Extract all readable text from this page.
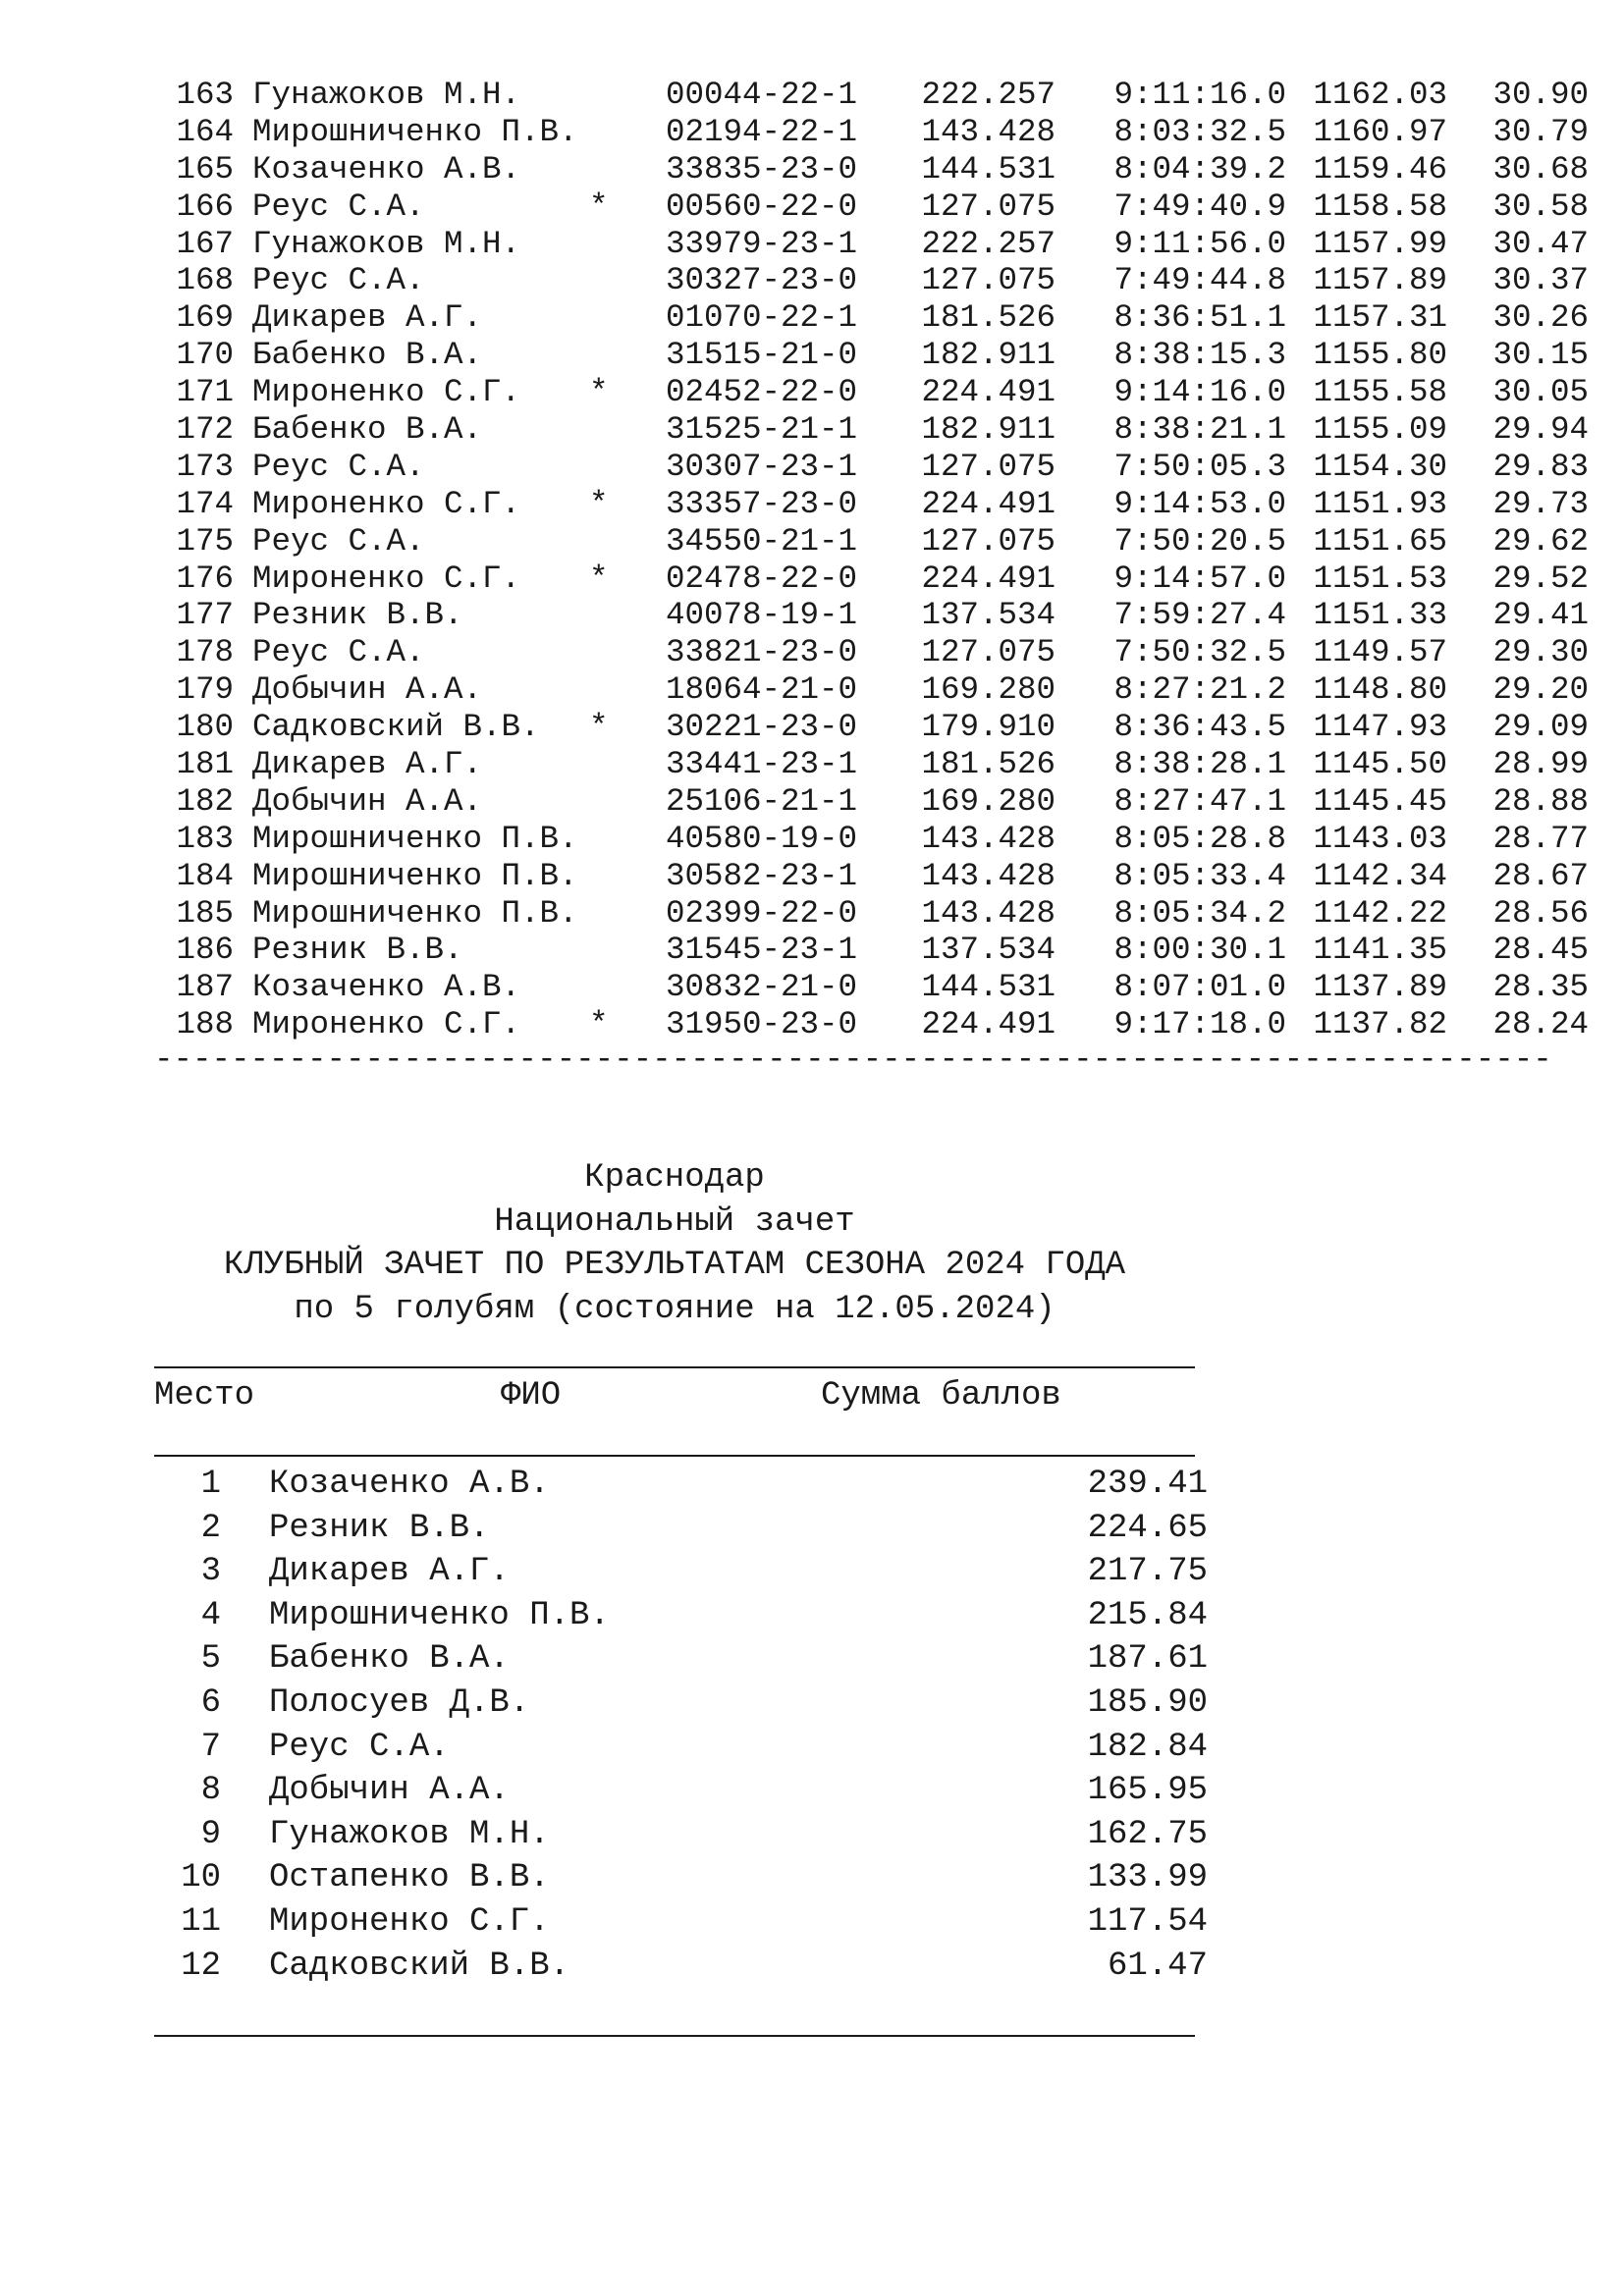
163 Гунажоков М.Н.	00044-22-1 222.257	9:11:16.0 1162.03	30.90
164 Мирошниченко П.В.	02194-22-1 143.428	8:03:32.5 1160.97	30.79
165 Козаченко А.В.	33835-23-0 144.531	8:04:39.2 1159.46	30.68
166 Реус С.А.	* 00560-22-0 127.075	7:49:40.9 1158.58	30.58
167 Гунажоков М.Н.	33979-23-1 222.257	9:11:56.0 1157.99	30.47
168 Реус С.А.	30327-23-0 127.075	7:49:44.8 1157.89	30.37
169 Дикарев А.Г.	01070-22-1 181.526	8:36:51.1 1157.31	30.26
170 Бабенко В.А.	31515-21-0 182.911	8:38:15.3 1155.80	30.15
171 Мироненко С.Г. * 02452-22-0 224.491	9:14:16.0 1155.58	30.05
172 Бабенко В.А.	31525-21-1 182.911	8:38:21.1 1155.09	29.94
173 Реус С.А.	30307-23-1 127.075	7:50:05.3 1154.30	29.83
174 Мироненко С.Г. * 33357-23-0 224.491	9:14:53.0 1151.93	29.73
175 Реус С.А.	34550-21-1 127.075	7:50:20.5 1151.65	29.62
176 Мироненко С.Г. * 02478-22-0 224.491	9:14:57.0 1151.53	29.52
177 Резник В.В.	40078-19-1 137.534	7:59:27.4 1151.33	29.41
178 Реус С.А.	33821-23-0 127.075	7:50:32.5 1149.57	29.30
179 Добычин А.А.	18064-21-0 169.280	8:27:21.2 1148.80	29.20
180 Садковский В.В. * 30221-23-0 179.910	8:36:43.5 1147.93	29.09
181 Дикарев А.Г.	33441-23-1 181.526	8:38:28.1 1145.50	28.99
182 Добычин А.А.	25106-21-1 169.280	8:27:47.1 1145.45	28.88
183 Мирошниченко П.В.	40580-19-0 143.428	8:05:28.8 1143.03	28.77
184 Мирошниченко П.В.	30582-23-1 143.428	8:05:33.4 1142.34	28.67
185 Мирошниченко П.В.	02399-22-0 143.428	8:05:34.2 1142.22	28.56
186 Резник В.В.	31545-23-1 137.534	8:00:30.1 1141.35	28.45
187 Козаченко А.В.	30832-21-0 144.531	8:07:01.0 1137.89	28.35
188 Мироненко С.Г. * 31950-23-0 224.491	9:17:18.0 1137.82	28.24
-------------------------------------------------------------------------
Краснодар
Национальный зачет
КЛУБНЫЙ ЗАЧЕТ ПО РЕЗУЛЬТАТАМ СЕЗОНА 2024 ГОДА
по 5 голубям (состояние на 12.05.2024)
Место	ФИО	Сумма баллов
1 Козаченко А.В.	239.41
2 Резник В.В.	224.65
3 Дикарев А.Г.	217.75
4 Мирошниченко П.В.	215.84
5 Бабенко В.А.	187.61
6 Полосуев Д.В.	185.90
7 Реус С.А.	182.84
8 Добычин А.А.	165.95
9 Гунажоков М.Н.	162.75
10 Остапенко В.В.	133.99
11 Мироненко С.Г.	117.54
12 Садковский В.В.	61.47
